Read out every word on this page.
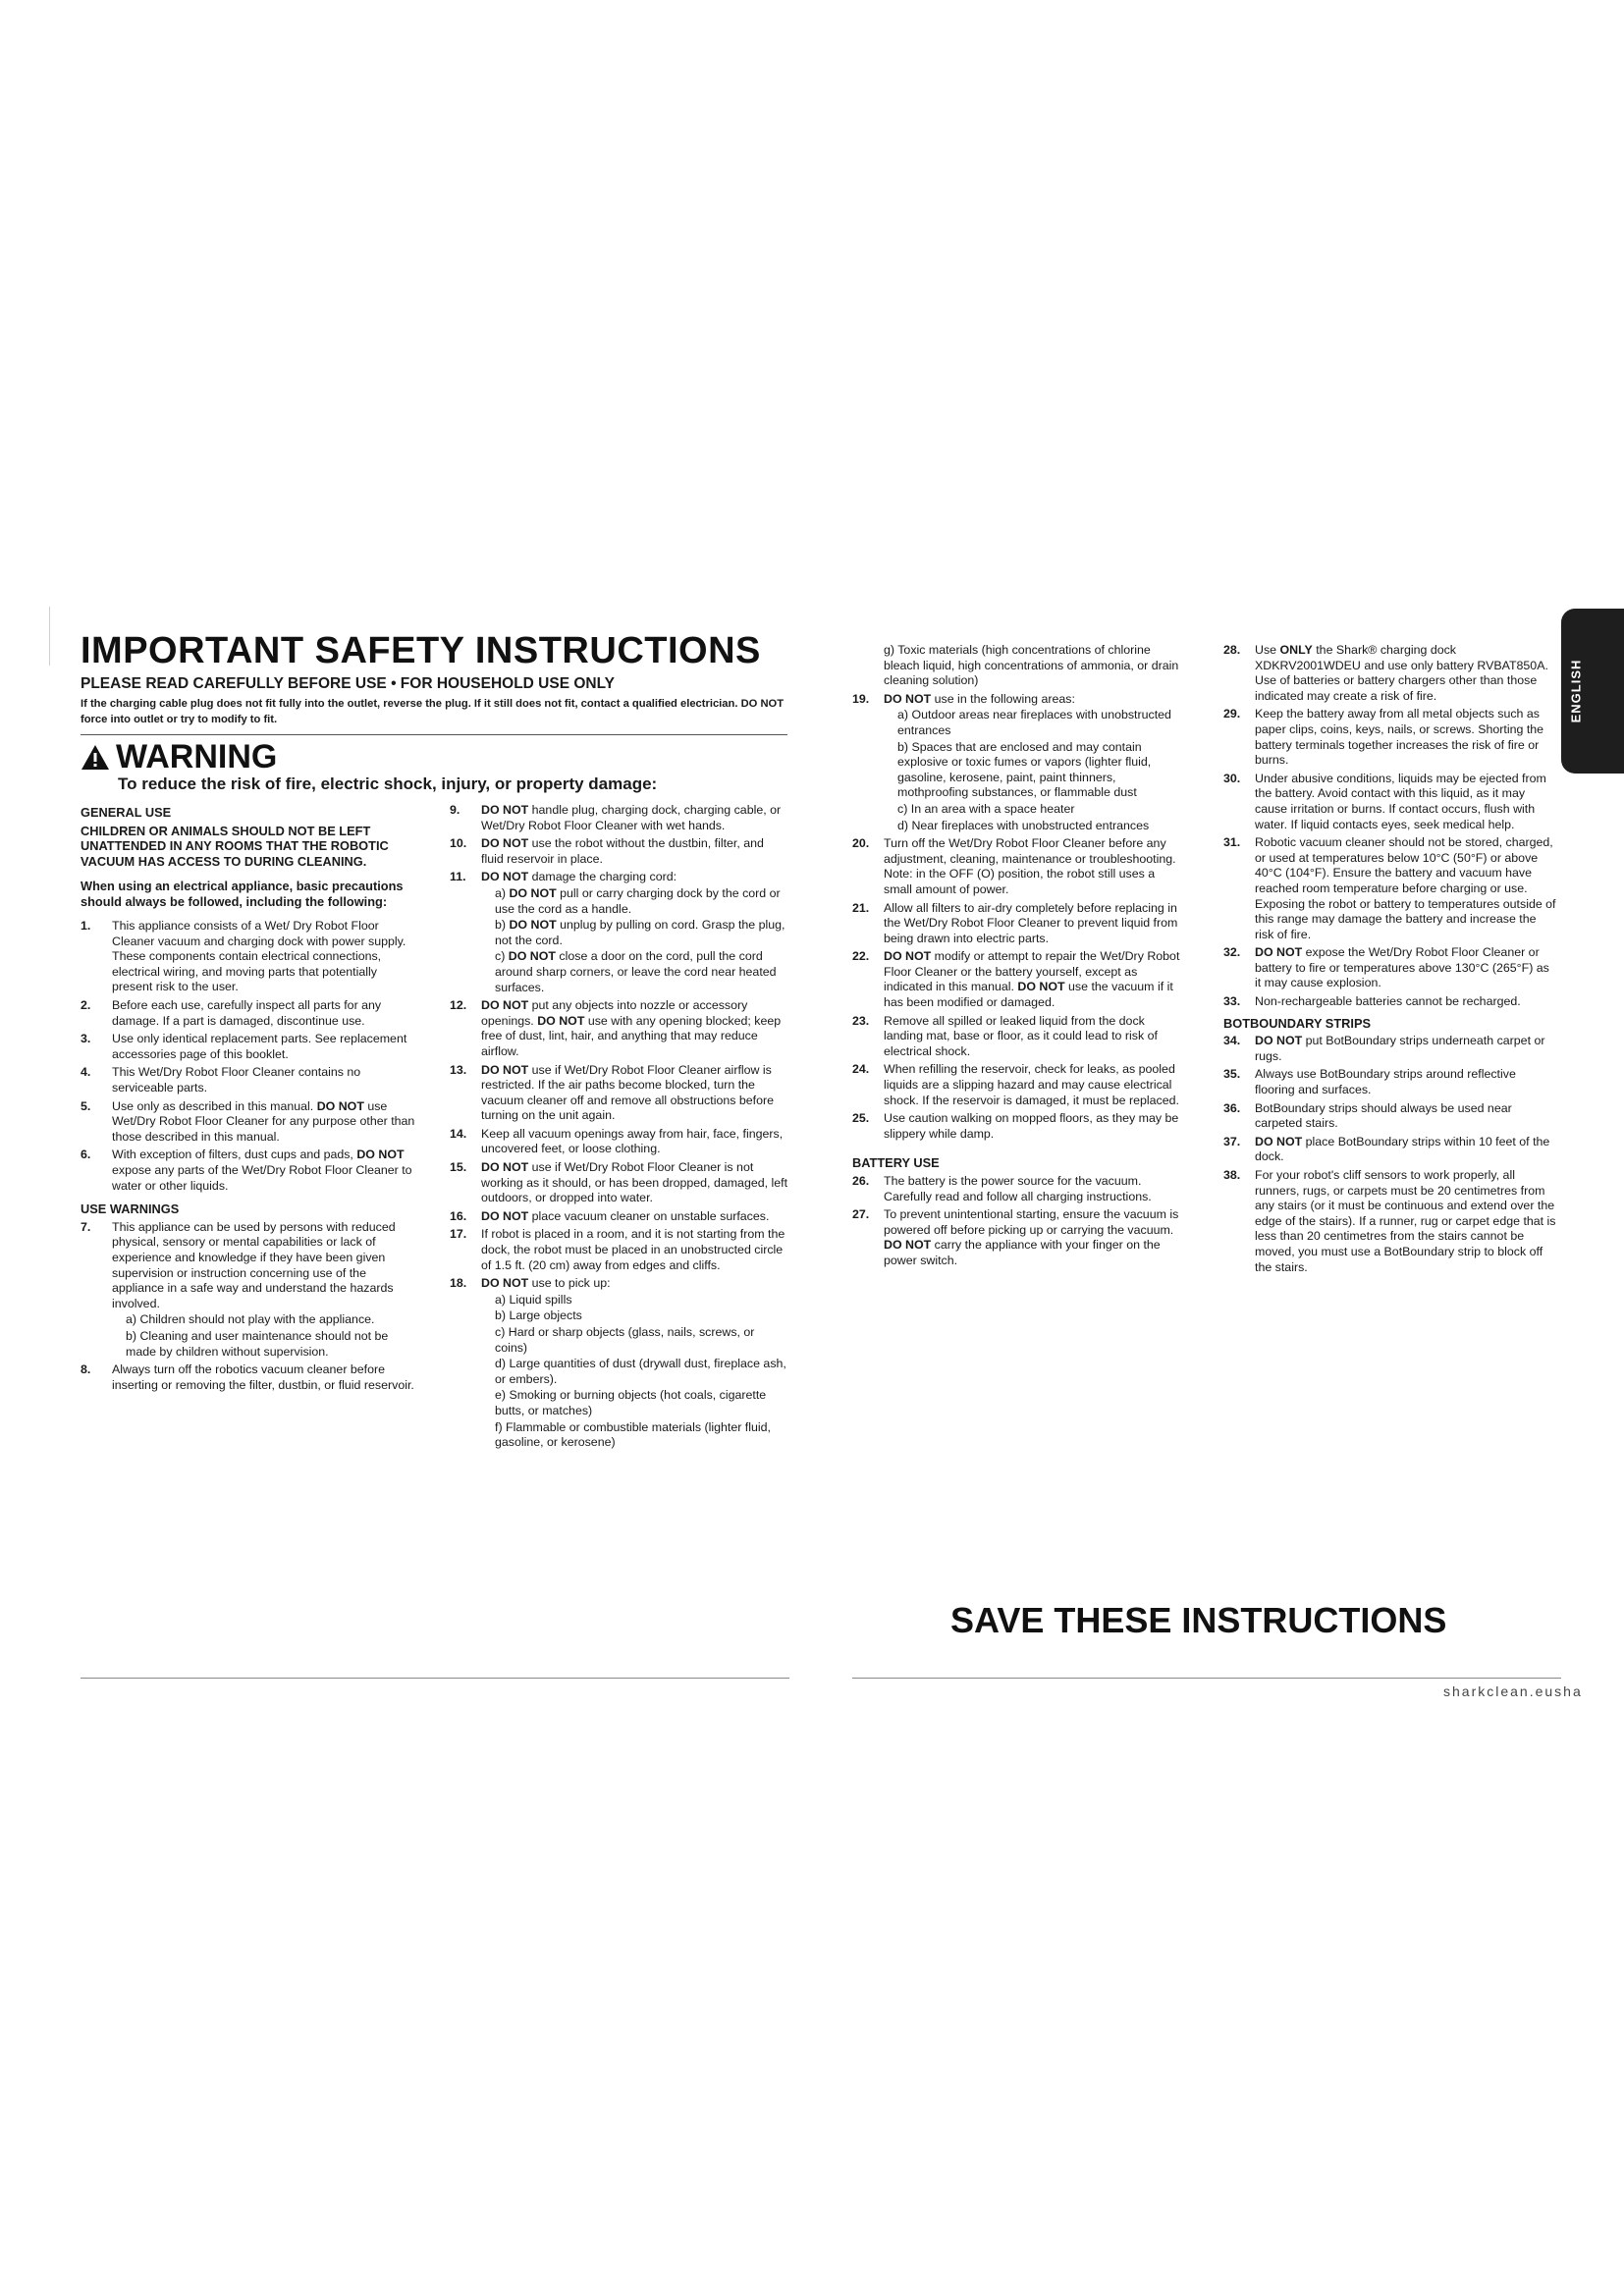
IMPORTANT SAFETY INSTRUCTIONS
PLEASE READ CAREFULLY BEFORE USE • FOR HOUSEHOLD USE ONLY
If the charging cable plug does not fit fully into the outlet, reverse the plug. If it still does not fit, contact a qualified electrician. DO NOT force into outlet or try to modify to fit.
WARNING
To reduce the risk of fire, electric shock, injury, or property damage:
GENERAL USE
CHILDREN OR ANIMALS SHOULD NOT BE LEFT UNATTENDED IN ANY ROOMS THAT THE ROBOTIC VACUUM HAS ACCESS TO DURING CLEANING.
When using an electrical appliance, basic precautions should always be followed, including the following:
1.	This appliance consists of a Wet/ Dry Robot Floor Cleaner vacuum and charging dock with power supply. These components contain electrical connections, electrical wiring, and moving parts that potentially present risk to the user.
2.	Before each use, carefully inspect all parts for any damage. If a part is damaged, discontinue use.
3.	Use only identical replacement parts. See replacement accessories page of this booklet.
4.	This Wet/Dry Robot Floor Cleaner contains no serviceable parts.
5.	Use only as described in this manual. DO NOT use Wet/Dry Robot Floor Cleaner for any purpose other than those described in this manual.
6.	With exception of filters, dust cups and pads, DO NOT expose any parts of the Wet/Dry Robot Floor Cleaner to water or other liquids.
USE WARNINGS
7.	This appliance can be used by persons with reduced physical, sensory or mental capabilities or lack of experience and knowledge if they have been given supervision or instruction concerning use of the appliance in a safe way and understand the hazards involved.
a) Children should not play with the appliance.
b) Cleaning and user maintenance should not be made by children without supervision.
8.	Always turn off the robotics vacuum cleaner before inserting or removing the filter, dustbin, or fluid reservoir.
9.	DO NOT handle plug, charging dock, charging cable, or Wet/Dry Robot Floor Cleaner with wet hands.
10.	DO NOT use the robot without the dustbin, filter, and fluid reservoir in place.
11.	DO NOT damage the charging cord:
a) DO NOT pull or carry charging dock by the cord or use the cord as a handle.
b) DO NOT unplug by pulling on cord. Grasp the plug, not the cord.
c) DO NOT close a door on the cord, pull the cord around sharp corners, or leave the cord near heated surfaces.
12.	DO NOT put any objects into nozzle or accessory openings. DO NOT use with any opening blocked; keep free of dust, lint, hair, and anything that may reduce airflow.
13.	DO NOT use if Wet/Dry Robot Floor Cleaner airflow is restricted. If the air paths become blocked, turn the vacuum cleaner off and remove all obstructions before turning on the unit again.
14.	Keep all vacuum openings away from hair, face, fingers, uncovered feet, or loose clothing.
15.	DO NOT use if Wet/Dry Robot Floor Cleaner is not working as it should, or has been dropped, damaged, left outdoors, or dropped into water.
16.	DO NOT place vacuum cleaner on unstable surfaces.
17.	If robot is placed in a room, and it is not starting from the dock, the robot must be placed in an unobstructed circle of 1.5 ft. (20 cm) away from edges and cliffs.
18.	DO NOT use to pick up:
a) Liquid spills
b) Large objects
c) Hard or sharp objects (glass, nails, screws, or coins)
d) Large quantities of dust (drywall dust, fireplace ash, or embers).
e) Smoking or burning objects (hot coals, cigarette butts, or matches)
f) Flammable or combustible materials (lighter fluid, gasoline, or kerosene)
g) Toxic materials (high concentrations of chlorine bleach liquid, high concentrations of ammonia, or drain cleaning solution)
19.	DO NOT use in the following areas:
a) Outdoor areas near fireplaces with unobstructed entrances
b) Spaces that are enclosed and may contain explosive or toxic fumes or vapors (lighter fluid, gasoline, kerosene, paint, paint thinners, mothproofing substances, or flammable dust
c) In an area with a space heater
d) Near fireplaces with unobstructed entrances
20.	Turn off the Wet/Dry Robot Floor Cleaner before any adjustment, cleaning, maintenance or troubleshooting. Note: in the OFF (O) position, the robot still uses a small amount of power.
21.	Allow all filters to air-dry completely before replacing in the Wet/Dry Robot Floor Cleaner to prevent liquid from being drawn into electric parts.
22.	DO NOT modify or attempt to repair the Wet/Dry Robot Floor Cleaner or the battery yourself, except as indicated in this manual. DO NOT use the vacuum if it has been modified or damaged.
23.	Remove all spilled or leaked liquid from the dock landing mat, base or floor, as it could lead to risk of electrical shock.
24.	When refilling the reservoir, check for leaks, as pooled liquids are a slipping hazard and may cause electrical shock. If the reservoir is damaged, it must be replaced.
25.	Use caution walking on mopped floors, as they may be slippery while damp.
BATTERY USE
26.	The battery is the power source for the vacuum. Carefully read and follow all charging instructions.
27.	To prevent unintentional starting, ensure the vacuum is powered off before picking up or carrying the vacuum. DO NOT carry the appliance with your finger on the power switch.
28.	Use ONLY the Shark® charging dock XDKRV2001WDEU and use only battery RVBAT850A. Use of batteries or battery chargers other than those indicated may create a risk of fire.
29.	Keep the battery away from all metal objects such as paper clips, coins, keys, nails, or screws. Shorting the battery terminals together increases the risk of fire or burns.
30.	Under abusive conditions, liquids may be ejected from the battery. Avoid contact with this liquid, as it may cause irritation or burns. If contact occurs, flush with water. If liquid contacts eyes, seek medical help.
31.	Robotic vacuum cleaner should not be stored, charged, or used at temperatures below 10°C (50°F) or above 40°C (104°F). Ensure the battery and vacuum have reached room temperature before charging or use. Exposing the robot or battery to temperatures outside of this range may damage the battery and increase the risk of fire.
32.	DO NOT expose the Wet/Dry Robot Floor Cleaner or battery to fire or temperatures above 130°C (265°F) as it may cause explosion.
33.	Non-rechargeable batteries cannot be recharged.
BOTBOUNDARY STRIPS
34.	DO NOT put BotBoundary strips underneath carpet or rugs.
35.	Always use BotBoundary strips around reflective flooring and surfaces.
36.	BotBoundary strips should always be used near carpeted stairs.
37.	DO NOT place BotBoundary strips within 10 feet of the dock.
38.	For your robot's cliff sensors to work properly, all runners, rugs, or carpets must be 20 centimetres from any stairs (or it must be continuous and extend over the edge of the stairs). If a runner, rug or carpet edge that is less than 20 centimetres from the stairs cannot be moved, you must use a BotBoundary strip to block off the stairs.
SAVE THESE INSTRUCTIONS
sharkclean.eusha
ENGLISH
